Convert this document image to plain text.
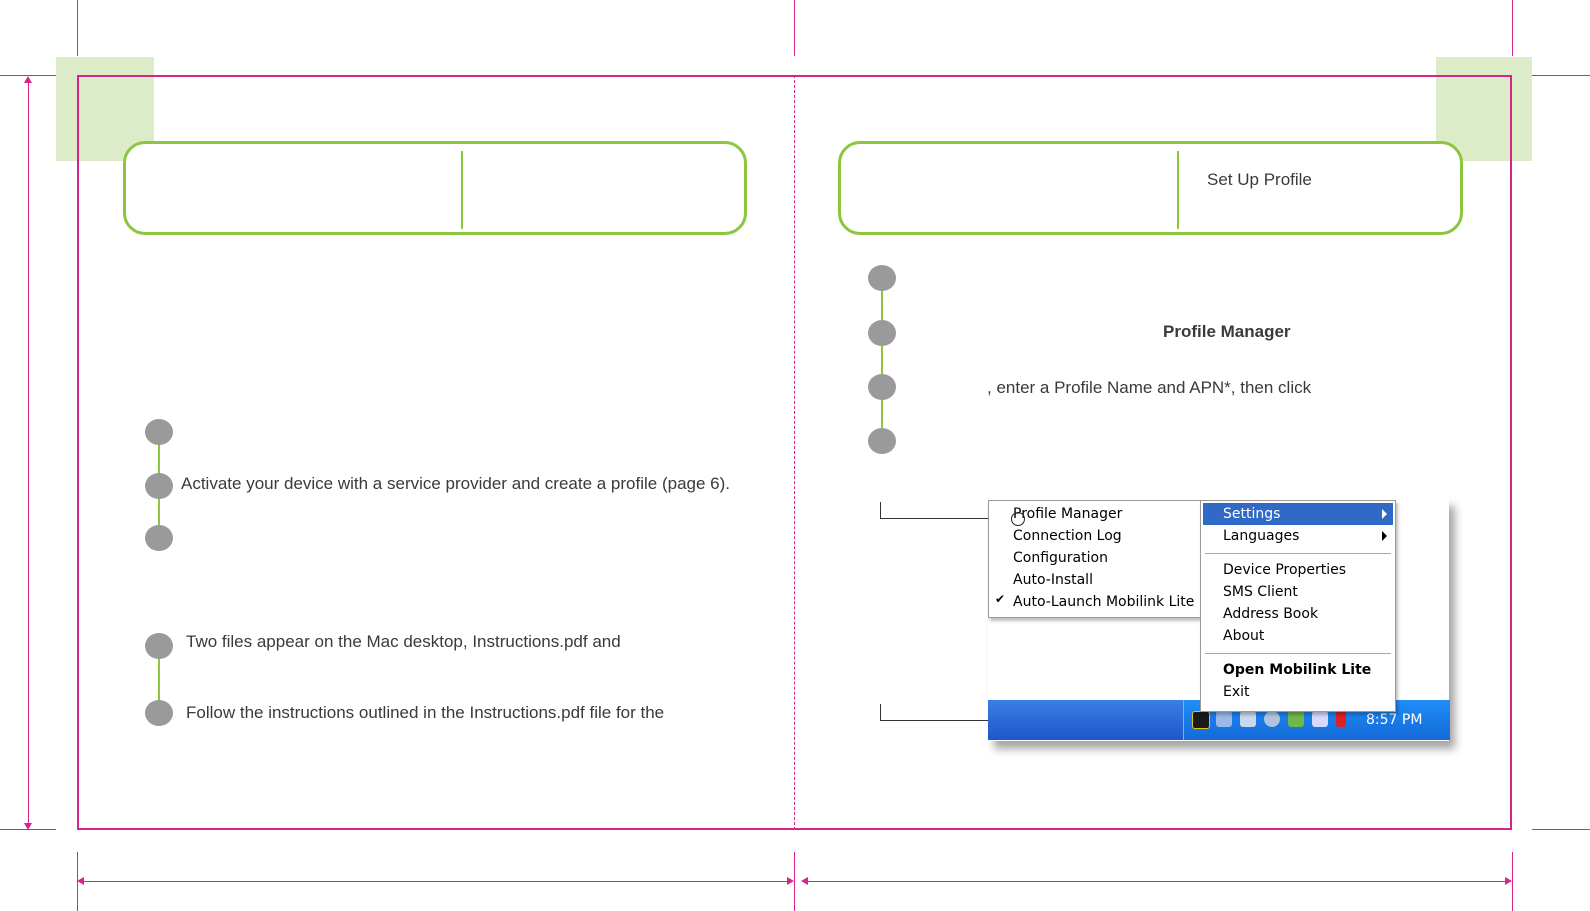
Set Up Profile
Activate your device with a service provider and create a profile (page 6).
Two files appear on the Mac desktop, Instructions.pdf and
Follow the instructions outlined in the Instructions.pdf file for the
Profile Manager
, enter a Profile Name and APN*, then click
8:57 PM
Profile Manager
Connection Log
Configuration
Auto-Install
✔ Auto-Launch Mobilink Lite
Settings
Languages
Device Properties
SMS Client
Address Book
About
Open Mobilink Lite
Exit
